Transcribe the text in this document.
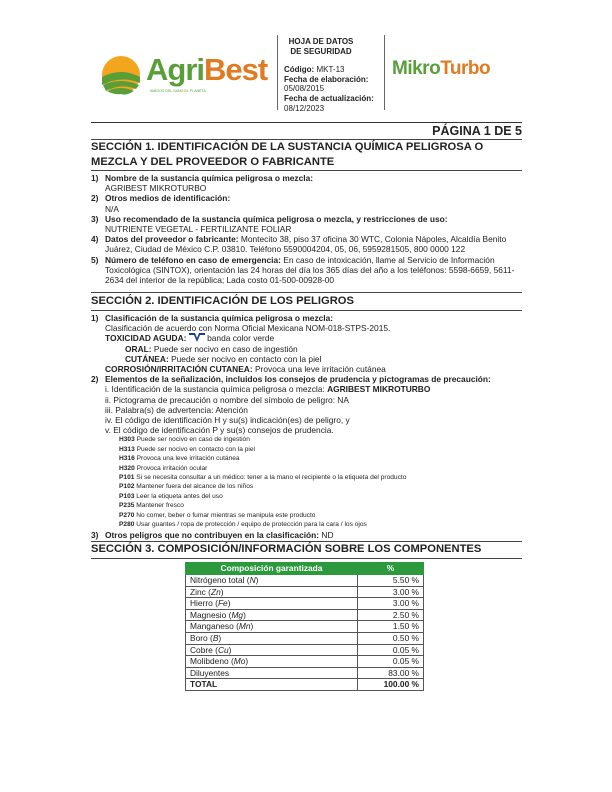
AgriBest
AMIGOS DEL SANO EL PLANETA
HOJA DE DATOS DE SEGURIDAD
Código: MKT-13
Fecha de elaboración:
05/08/2015
Fecha de actualización:
08/12/2023
MikroTurbo
PÁGINA 1 DE 5
SECCIÓN 1. IDENTIFICACIÓN DE LA SUSTANCIA QUÍMICA PELIGROSA O MEZCLA Y DEL PROVEEDOR O FABRICANTE
1) Nombre de la sustancia química peligrosa o mezcla:
AGRIBEST MIKROTURBO
2) Otros medios de identificación:
N/A
3) Uso recomendado de la sustancia química peligrosa o mezcla, y restricciones de uso:
NUTRIENTE VEGETAL - FERTILIZANTE FOLIAR
4) Datos del proveedor o fabricante: Montecito 38, piso 37 oficina 30 WTC, Colonia Nápoles, Alcaldía Benito Juárez, Ciudad de México C.P. 03810. Teléfono 5590004204, 05, 06, 5959281505, 800 0000 122
5) Número de teléfono en caso de emergencia: En caso de intoxicación, llame al Servicio de Información Toxicológica (SINTOX), orientación las 24 horas del día los 365 días del año a los teléfonos: 5598-6659, 5611-2634 del interior de la república; Lada costo 01-500-00928-00
SECCIÓN 2. IDENTIFICACIÓN DE LOS PELIGROS
1) Clasificación de la sustancia química peligrosa o mezcla:
Clasificación de acuerdo con Norma Oficial Mexicana NOM-018-STPS-2015.
TOXICIDAD AGUDA: banda color verde
ORAL: Puede ser nocivo en caso de ingestión
CUTÁNEA: Puede ser nocivo en contacto con la piel
CORROSIÓN/IRRITACIÓN CUTANEA: Provoca una leve irritación cutánea
2) Elementos de la señalización, incluidos los consejos de prudencia y pictogramas de precaución:
i. Identificación de la sustancia química peligrosa o mezcla: AGRIBEST MIKROTURBO
ii. Pictograma de precaución o nombre del símbolo de peligro: NA
iii. Palabra(s) de advertencia: Atención
iv. El código de identificación H y su(s) indicación(es) de peligro, y
v. El código de identificación P y su(s) consejos de prudencia.
H303 Puede ser nocivo en caso de ingestión
H313 Puede ser nocivo en contacto con la piel
H316 Provoca una leve irritación cutánea
H320 Provoca irritación ocular
P101 Si se necesita consultar a un médico: tener a la mano el recipiente o la etiqueta del producto
P102 Mantener fuera del alcance de los niños
P103 Leer la etiqueta antes del uso
P235 Mantener fresco
P270 No comer, beber o fumar mientras se manipula este producto
P280 Usar guantes / ropa de protección / equipo de protección para la cara / los ojos
3) Otros peligros que no contribuyen en la clasificación: ND
SECCIÓN 3. COMPOSICIÓN/INFORMACIÓN SOBRE LOS COMPONENTES
Composición garantizada	%
Nitrógeno total (N)	5.50 %
Zinc (Zn)	3.00 %
Hierro (Fe)	3.00 %
Magnesio (Mg)	2.50 %
Manganeso (Mn)	1.50 %
Boro (B)	0.50 %
Cobre (Cu)	0.05 %
Molibdeno (Mo)	0.05 %
Diluyentes	83.00 %
TOTAL	100.00 %
